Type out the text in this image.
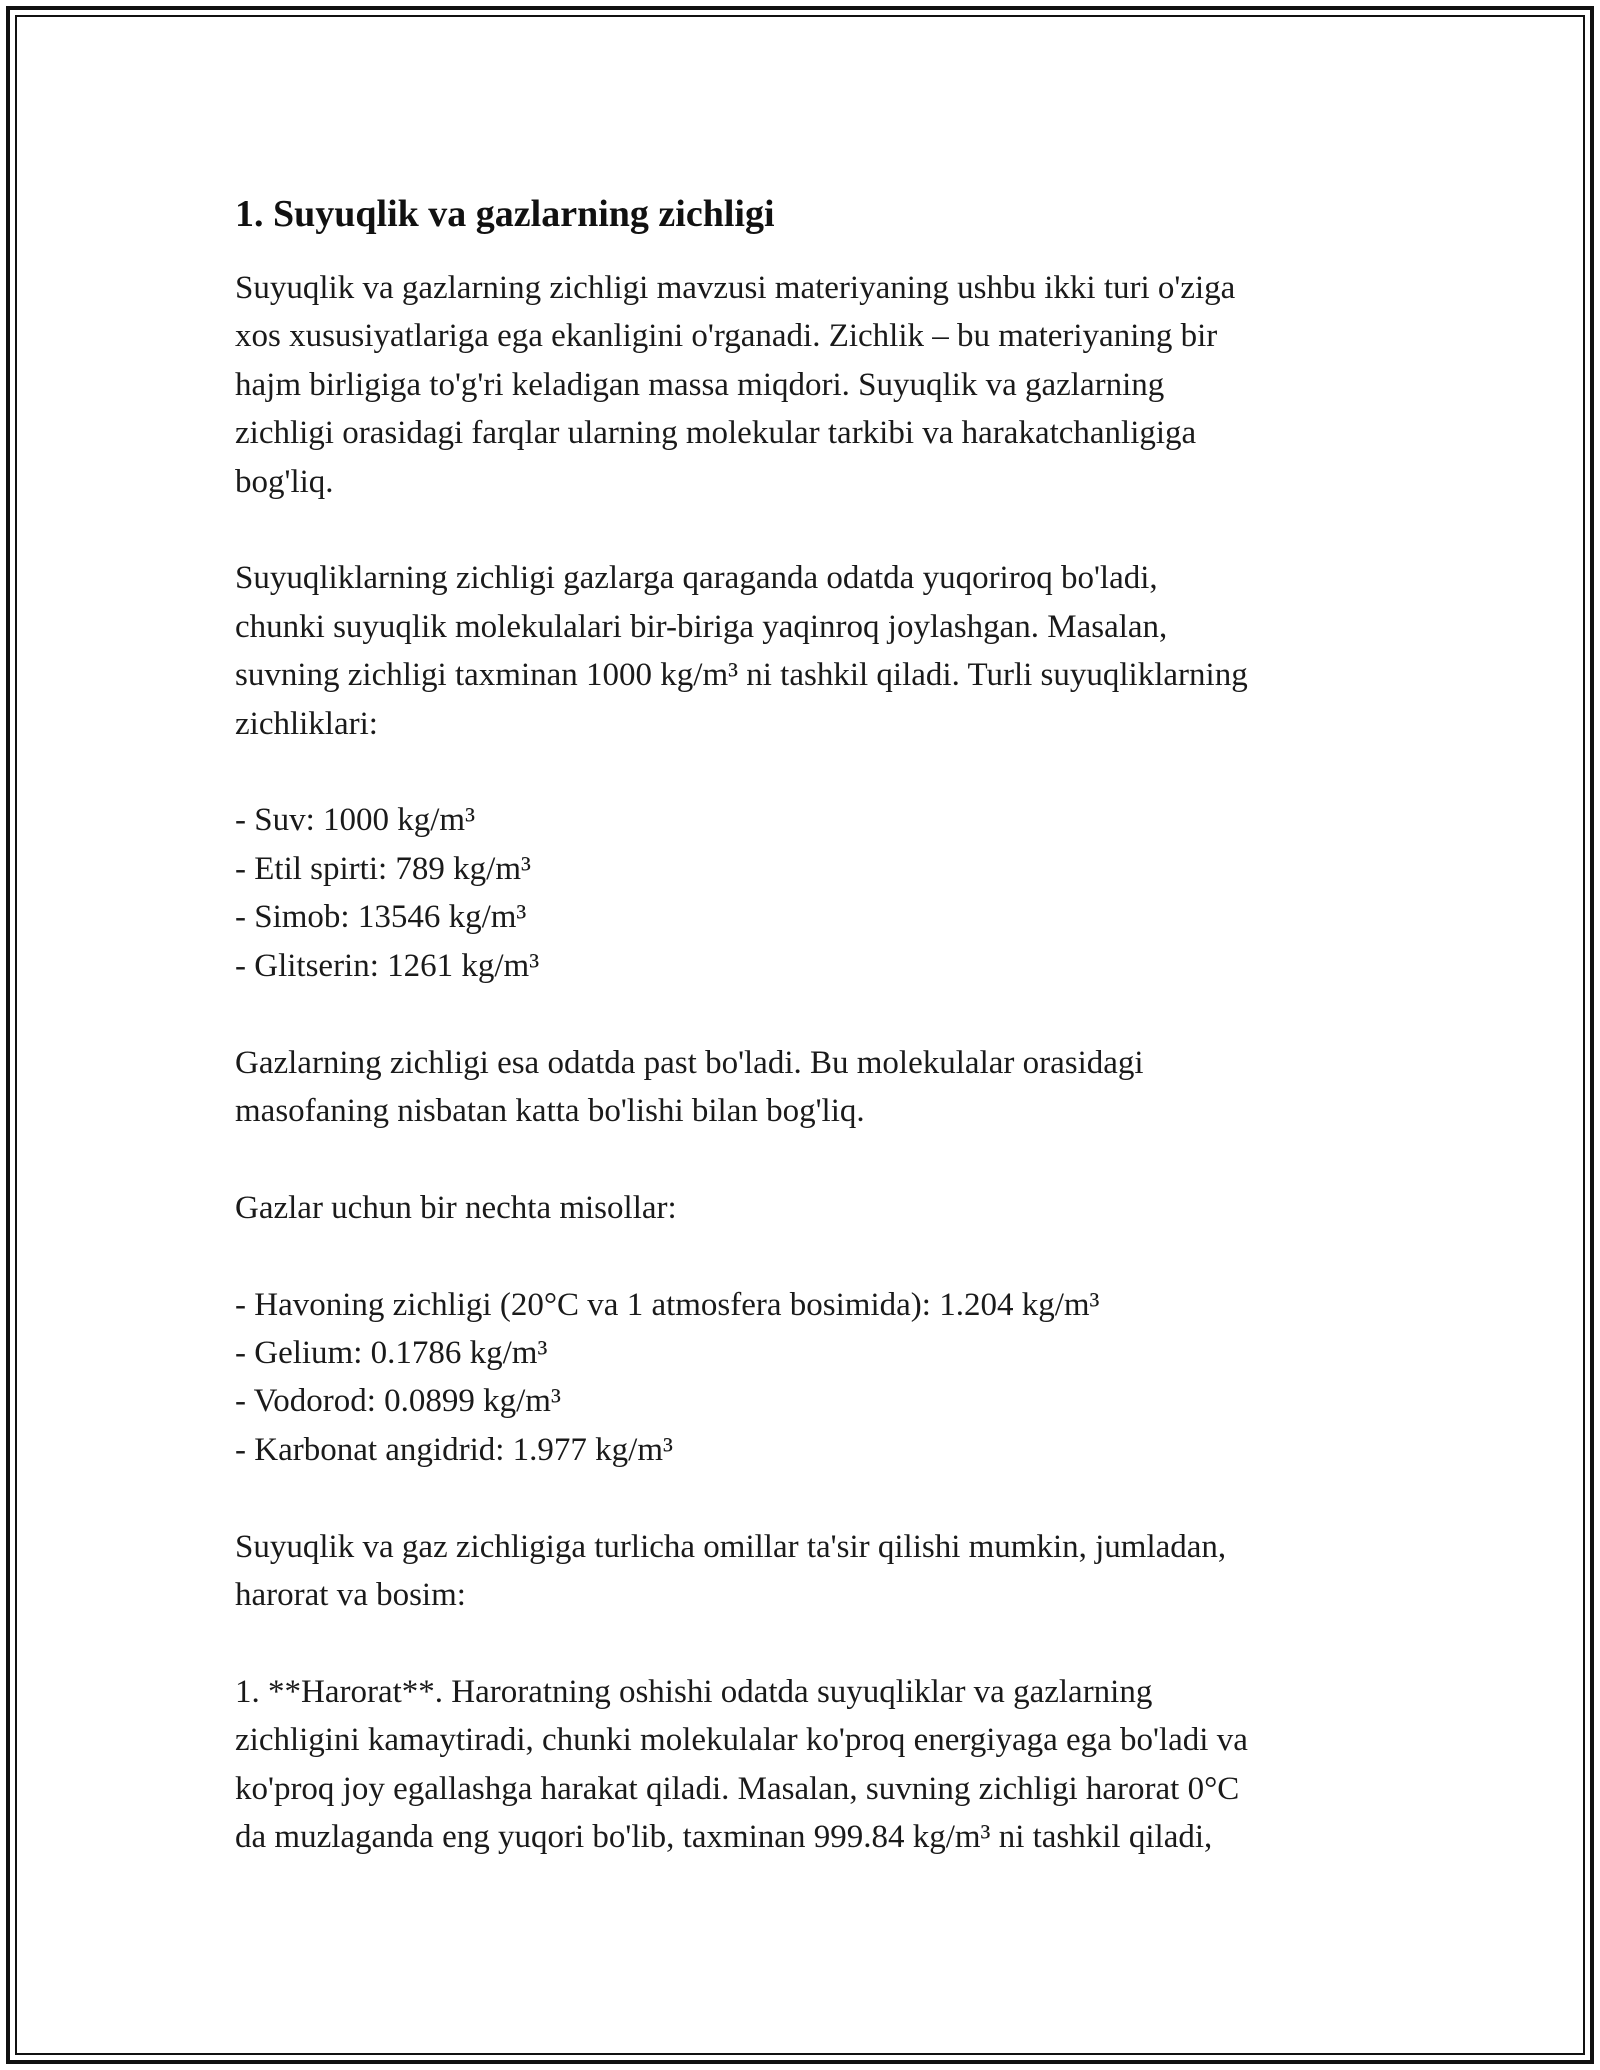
1. Suyuqlik va gazlarning zichligi
Suyuqlik va gazlarning zichligi mavzusi materiyaning ushbu ikki turi o'ziga
xos xususiyatlariga ega ekanligini o'rganadi. Zichlik – bu materiyaning bir
hajm birligiga to'g'ri keladigan massa miqdori. Suyuqlik va gazlarning
zichligi orasidagi farqlar ularning molekular tarkibi va harakatchanligiga
bog'liq.

Suyuqliklarning zichligi gazlarga qaraganda odatda yuqoriroq bo'ladi,
chunki suyuqlik molekulalari bir-biriga yaqinroq joylashgan. Masalan,
suvning zichligi taxminan 1000 kg/m³ ni tashkil qiladi. Turli suyuqliklarning
zichliklari:

- Suv: 1000 kg/m³
- Etil spirti: 789 kg/m³
- Simob: 13546 kg/m³
- Glitserin: 1261 kg/m³

Gazlarning zichligi esa odatda past bo'ladi. Bu molekulalar orasidagi
masofaning nisbatan katta bo'lishi bilan bog'liq.

Gazlar uchun bir nechta misollar:

- Havoning zichligi (20°C va 1 atmosfera bosimida): 1.204 kg/m³
- Gelium: 0.1786 kg/m³
- Vodorod: 0.0899 kg/m³
- Karbonat angidrid: 1.977 kg/m³

Suyuqlik va gaz zichligiga turlicha omillar ta'sir qilishi mumkin, jumladan,
harorat va bosim:

1. **Harorat**. Haroratning oshishi odatda suyuqliklar va gazlarning
zichligini kamaytiradi, chunki molekulalar ko'proq energiyaga ega bo'ladi va
ko'proq joy egallashga harakat qiladi. Masalan, suvning zichligi harorat 0°C
da muzlaganda eng yuqori bo'lib, taxminan 999.84 kg/m³ ni tashkil qiladi,
